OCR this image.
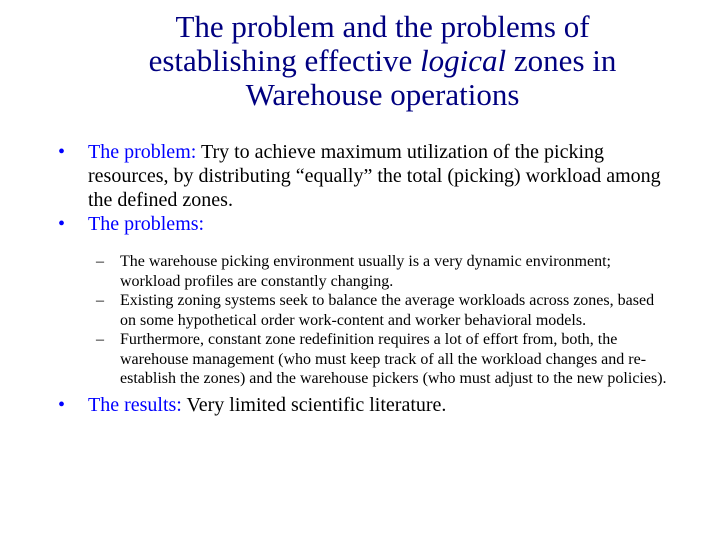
The problem and the problems of
establishing effective logical zones in
Warehouse operations

•	The problem: Try to achieve maximum utilization of the picking resources, by distributing “equally” the total (picking) workload among the defined zones.

•	The problems:

– The warehouse picking environment usually is a very dynamic environment; workload profiles are constantly changing.

– Existing zoning systems seek to balance the average workloads across zones, based on some hypothetical order work-content and worker behavioral models.

– Furthermore, constant zone redefinition requires a lot of effort from, both, the warehouse management (who must keep track of all the workload changes and re-establish the zones) and the warehouse pickers (who must adjust to the new policies).

•	The results: Very limited scientific literature.
